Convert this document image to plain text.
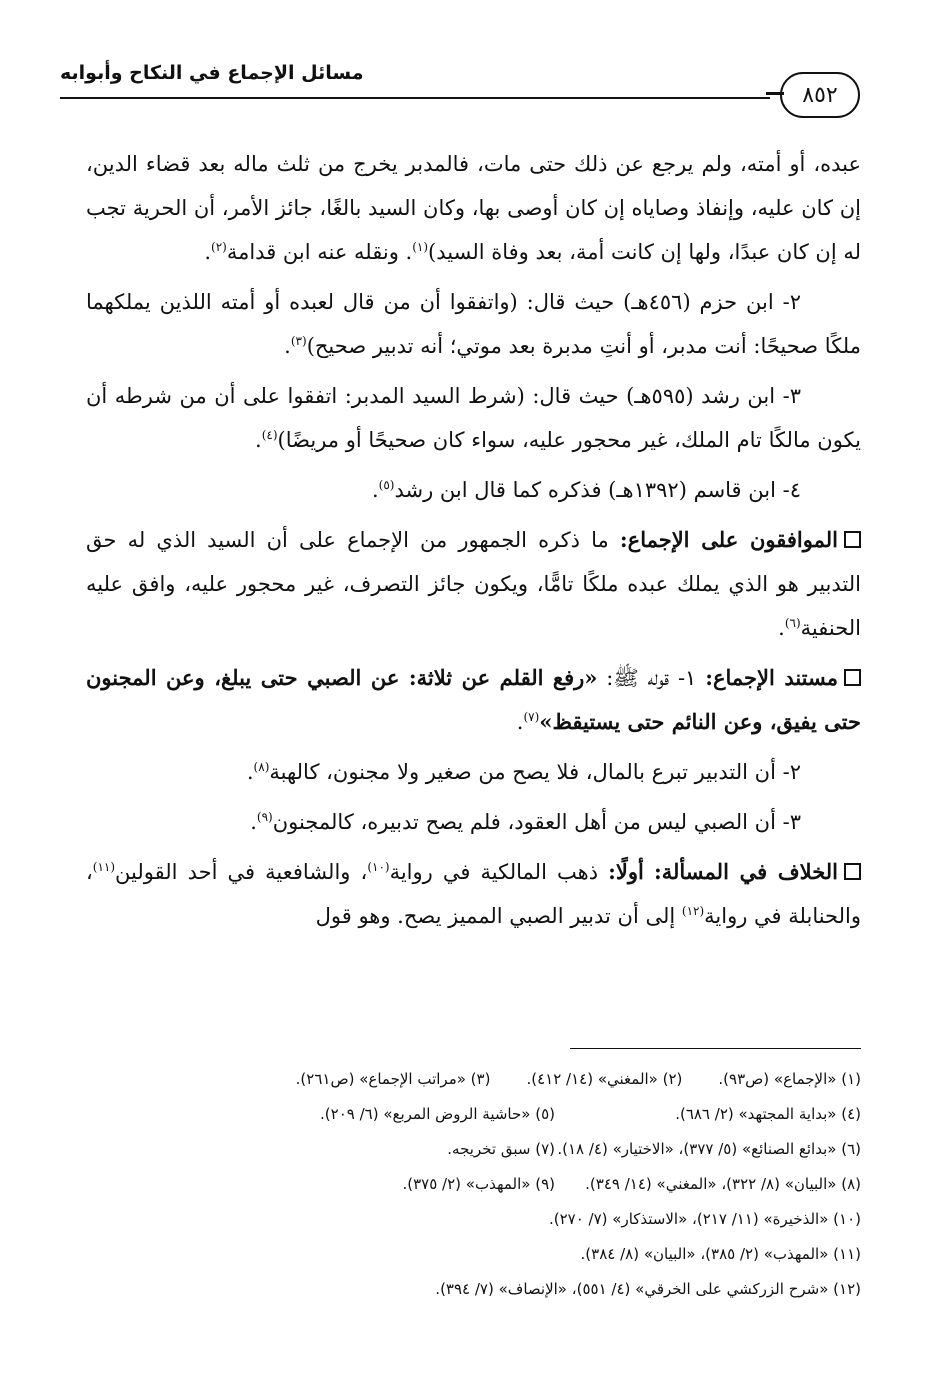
مسائل الإجماع في النكاح وأبوابه
٨٥٢

عبده، أو أمته، ولم يرجع عن ذلك حتى مات، فالمدبر يخرج من ثلث ماله بعد قضاء الدين، إن كان عليه، وإنفاذ وصاياه إن كان أوصى بها، وكان السيد بالغًا، جائز الأمر، أن الحرية تجب له إن كان عبدًا، ولها إن كانت أمة، بعد وفاة السيد)$^{(١)}$. ونقله عنه ابن قدامة$^{(٢)}$.

٢- ابن حزم (٤٥٦هـ) حيث قال: (واتفقوا أن من قال لعبده أو أمته اللذين يملكهما ملكًا صحيحًا: أنت مدبر، أو أنتِ مدبرة بعد موتي؛ أنه تدبير صحيح)$^{(٣)}$.

٣- ابن رشد (٥٩٥هـ) حيث قال: (شرط السيد المدبر: اتفقوا على أن من شرطه أن يكون مالكًا تام الملك، غير محجور عليه، سواء كان صحيحًا أو مريضًا)$^{(٤)}$.

٤- ابن قاسم (١٣٩٢هـ) فذكره كما قال ابن رشد$^{(٥)}$.

الموافقون على الإجماع: ما ذكره الجمهور من الإجماع على أن السيد الذي له حق التدبير هو الذي يملك عبده ملكًا تامًّا، ويكون جائز التصرف، غير محجور عليه، وافق عليه الحنفية$^{(٦)}$.

مستند الإجماع: ١- قوله ﷺ: «رفع القلم عن ثلاثة: عن الصبي حتى يبلغ، وعن المجنون حتى يفيق، وعن النائم حتى يستيقظ»$^{(٧)}$.

٢- أن التدبير تبرع بالمال، فلا يصح من صغير ولا مجنون، كالهبة$^{(٨)}$.

٣- أن الصبي ليس من أهل العقود، فلم يصح تدبيره، كالمجنون$^{(٩)}$.

الخلاف في المسألة: أولًا: ذهب المالكية في رواية$^{(١٠)}$، والشافعية في أحد القولين$^{(١١)}$، والحنابلة في رواية$^{(١٢)}$ إلى أن تدبير الصبي المميز يصح. وهو قول

(١) «الإجماع» (ص٩٣).
(٢) «المغني» (١٤/ ٤١٢).
(٣) «مراتب الإجماع» (ص٢٦١).
(٤) «بداية المجتهد» (٢/ ٦٨٦).
(٥) «حاشية الروض المربع» (٦/ ٢٠٩).
(٦) «بدائع الصنائع» (٥/ ٣٧٧)، «الاختيار» (٤/ ١٨).
(٧) سبق تخريجه.
(٨) «البيان» (٨/ ٣٢٢)، «المغني» (١٤/ ٣٤٩).
(٩) «المهذب» (٢/ ٣٧٥).
(١٠) «الذخيرة» (١١/ ٢١٧)، «الاستذكار» (٧/ ٢٧٠).
(١١) «المهذب» (٢/ ٣٨٥)، «البيان» (٨/ ٣٨٤).
(١٢) «شرح الزركشي على الخرقي» (٤/ ٥٥١)، «الإنصاف» (٧/ ٣٩٤).
